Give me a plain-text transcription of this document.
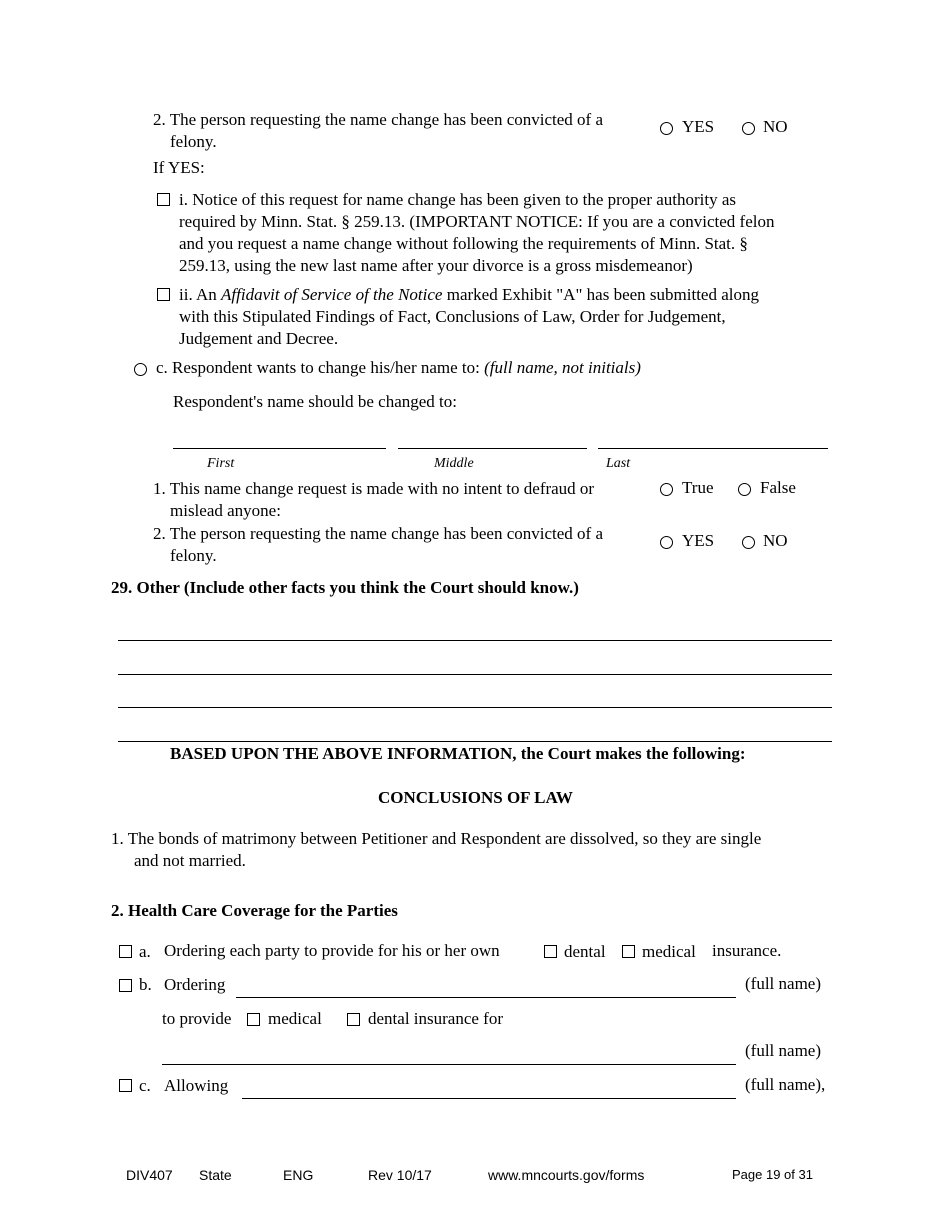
2. The person requesting the name change has been convicted of a
felony.
YES	NO
If YES:
i. Notice of this request for name change has been given to the proper authority as
required by Minn. Stat. § 259.13. (IMPORTANT NOTICE: If you are a convicted felon
and you request a name change without following the requirements of Minn. Stat. §
259.13, using the new last name after your divorce is a gross misdemeanor)
ii. An Affidavit of Service of the Notice marked Exhibit "A" has been submitted along
with this Stipulated Findings of Fact, Conclusions of Law, Order for Judgement,
Judgement and Decree.
c. Respondent wants to change his/her name to: (full name, not initials)
Respondent's name should be changed to:
First	Middle	Last
1. This name change request is made with no intent to defraud or
mislead anyone:
True	False
2. The person requesting the name change has been convicted of a
felony.
YES	NO
29. Other (Include other facts you think the Court should know.)
BASED UPON THE ABOVE INFORMATION, the Court makes the following:
CONCLUSIONS OF LAW
1. The bonds of matrimony between Petitioner and Respondent are dissolved, so they are single
and not married.
2. Health Care Coverage for the Parties
a. Ordering each party to provide for his or her own	dental medical insurance.
b. Ordering	(full name)
to provide medical	dental insurance for
(full name)
c. Allowing	(full name),
DIV407 State	ENG	Rev 10/17	www.mncourts.gov/forms	Page 19 of 31
